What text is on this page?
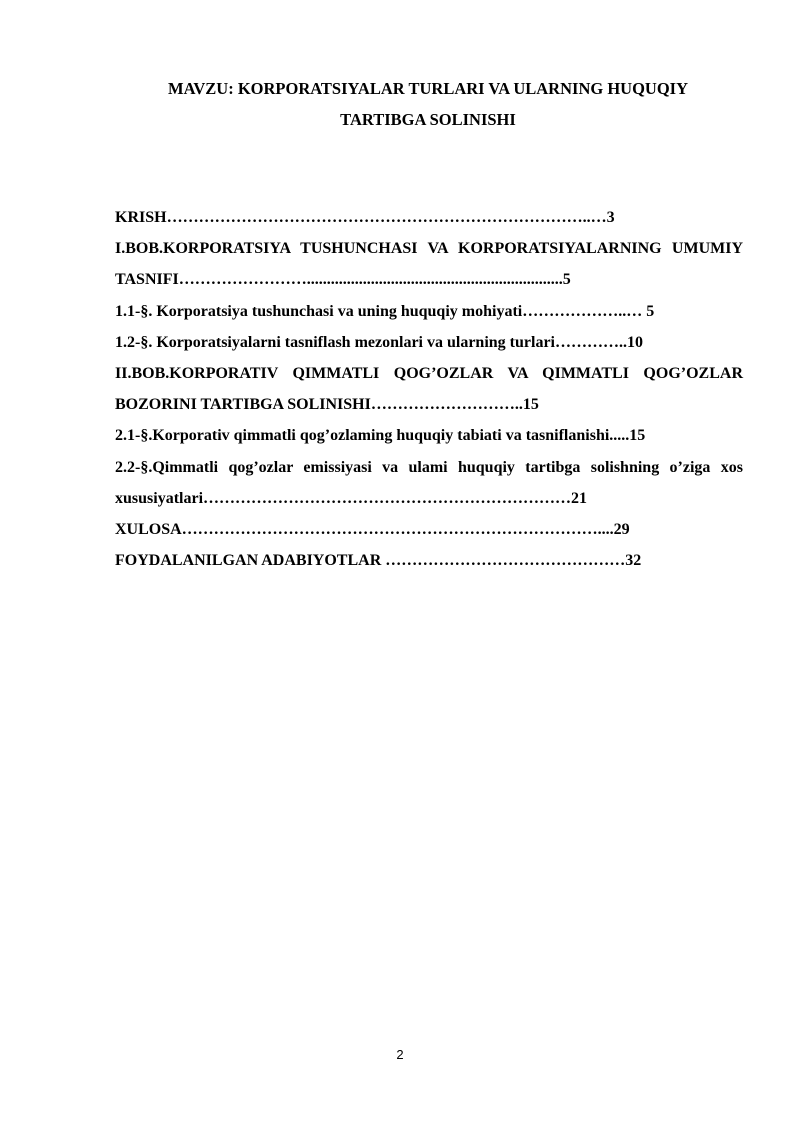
MAVZU: KORPORATSIYALAR TURLARI VA ULARNING HUQUQIY
TARTIBGA SOLINISHI
KRISH……………………………………………………………………..…3
I.BOB.KORPORATSIYA TUSHUNCHASI VA KORPORATSIYALARNING UMUMIY TASNIFI……………………................................................................5
1.1-§. Korporatsiya tushunchasi va uning huquqiy mohiyati………………..… 5
1.2-§. Korporatsiyalarni tasniflash mezonlari va ularning turlari…………..10
II.BOB.KORPORATIV QIMMATLI QOG’OZLAR VA QIMMATLI QOG’OZLAR BOZORINI TARTIBGA SOLINISHI………………………..15
2.1-§.Korporativ qimmatli qog’ozlaming huquqiy tabiati va tasniflanishi.....15
2.2-§.Qimmatli qog’ozlar emissiyasi va ulami huquqiy tartibga solishning o’ziga xos xususiyatlari……………………………………………………………21
XULOSA……………………………………………………………………....29
FOYDALANILGAN ADABIYOTLAR ………………………………………32
2
